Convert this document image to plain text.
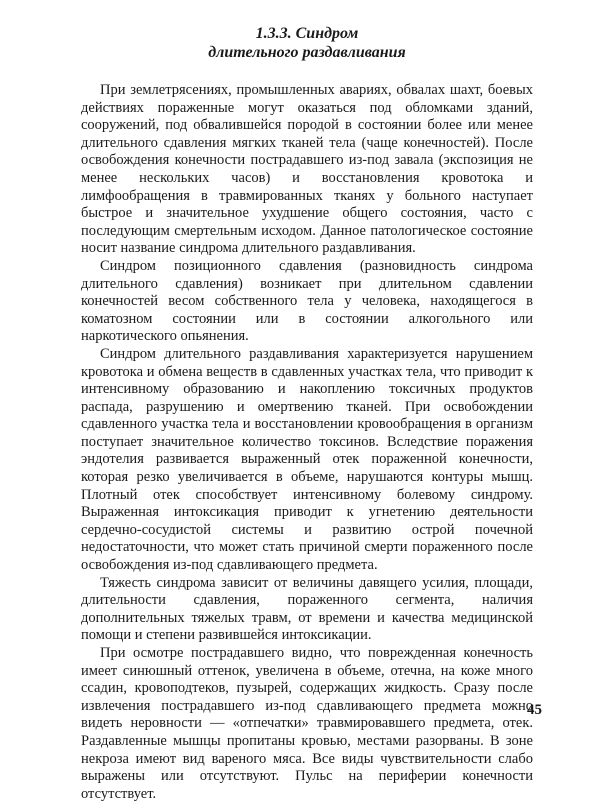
1.3.3. Синдром
длительного раздавливания

При землетрясениях, промышленных авариях, обвалах шахт, боевых действиях пораженные могут оказаться под обломками зданий, сооружений, под обвалившейся породой в состоянии более или менее длительного сдавления мягких тканей тела (чаще конечностей). После освобождения конечности пострадавшего из-под завала (экспозиция не менее нескольких часов) и восстановления кровотока и лимфообращения в травмированных тканях у больного наступает быстрое и значительное ухудшение общего состояния, часто с последующим смертельным исходом. Данное патологическое состояние носит название синдрома длительного раздавливания.

Синдром позиционного сдавления (разновидность синдрома длительного сдавления) возникает при длительном сдавлении конечностей весом собственного тела у человека, находящегося в коматозном состоянии или в состоянии алкогольного или наркотического опьянения.

Синдром длительного раздавливания характеризуется нарушением кровотока и обмена веществ в сдавленных участках тела, что приводит к интенсивному образованию и накоплению токсичных продуктов распада, разрушению и омертвению тканей. При освобождении сдавленного участка тела и восстановлении кровообращения в организм поступает значительное количество токсинов. Вследствие поражения эндотелия развивается выраженный отек пораженной конечности, которая резко увеличивается в объеме, нарушаются контуры мышц. Плотный отек способствует интенсивному болевому синдрому. Выраженная интоксикация приводит к угнетению деятельности сердечно-сосудистой системы и развитию острой почечной недостаточности, что может стать причиной смерти пораженного после освобождения из-под сдавливающего предмета.

Тяжесть синдрома зависит от величины давящего усилия, площади, длительности сдавления, пораженного сегмента, наличия дополнительных тяжелых травм, от времени и качества медицинской помощи и степени развившейся интоксикации.

При осмотре пострадавшего видно, что поврежденная конечность имеет синюшный оттенок, увеличена в объеме, отечна, на коже много ссадин, кровоподтеков, пузырей, содержащих жидкость. Сразу после извлечения пострадавшего из-под сдавливающего предмета можно видеть неровности — «отпечатки» травмировавшего предмета, отек. Раздавленные мышцы пропитаны кровью, местами разорваны. В зоне некроза имеют вид вареного мяса. Все виды чувствительности слабо выражены или отсутствуют. Пульс на периферии конечности отсутствует.

45
